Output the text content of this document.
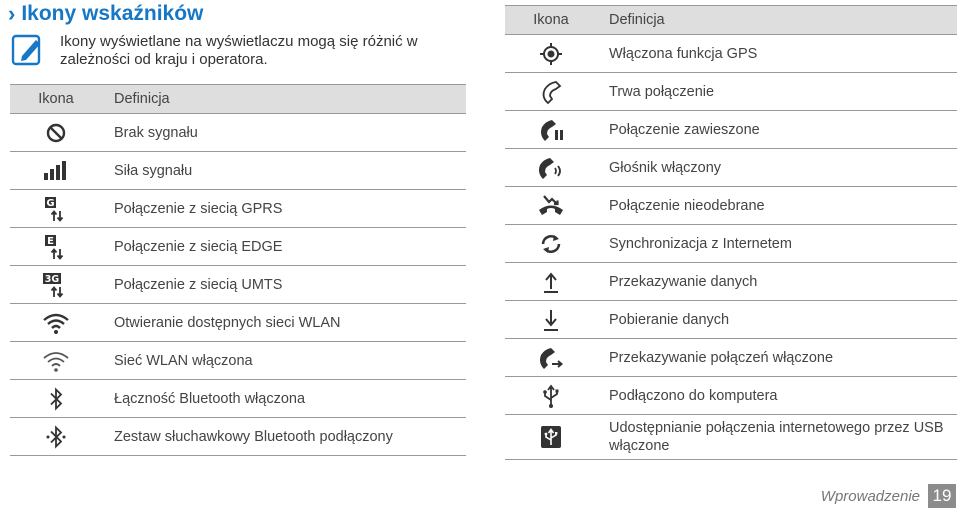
› Ikony wskaźników
Ikony wyświetlane na wyświetlaczu mogą się różnić w zależności od kraju i operatora.
Ikona	Definicja
	Brak sygnału
	Siła sygnału

G	Połączenie z siecią GPRS

E	Połączenie z siecią EDGE

3G	Połączenie z siecią UMTS
	Otwieranie dostępnych sieci WLAN
	Sieć WLAN włączona
	Łączność Bluetooth włączona
	Zestaw słuchawkowy Bluetooth podłączony
Ikona	Definicja
	Włączona funkcja GPS
	Trwa połączenie
	Połączenie zawieszone
	Głośnik włączony
	Połączenie nieodebrane
	Synchronizacja z Internetem
	Przekazywanie danych
	Pobieranie danych
	Przekazywanie połączeń włączone
	Podłączono do komputera
	Udostępnianie połączenia internetowego przez USB włączone
Wprowadzenie 19
